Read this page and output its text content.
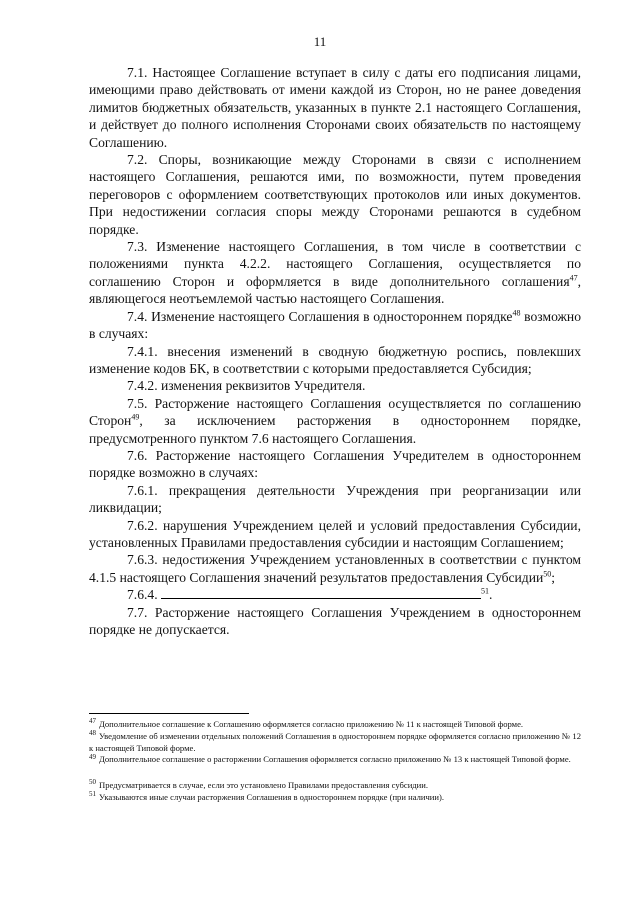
11

7.1. Настоящее Соглашение вступает в силу с даты его подписания лицами, имеющими право действовать от имени каждой из Сторон, но не ранее доведения лимитов бюджетных обязательств, указанных в пункте 2.1 настоящего Соглашения, и действует до полного исполнения Сторонами своих обязательств по настоящему Соглашению.

7.2. Споры, возникающие между Сторонами в связи с исполнением настоящего Соглашения, решаются ими, по возможности, путем проведения переговоров с оформлением соответствующих протоколов или иных документов. При недостижении согласия споры между Сторонами решаются в судебном порядке.

7.3. Изменение настоящего Соглашения, в том числе в соответствии с положениями пункта 4.2.2. настоящего Соглашения, осуществляется по соглашению Сторон и оформляется в виде дополнительного соглашения$^{47}$, являющегося неотъемлемой частью настоящего Соглашения.

7.4. Изменение настоящего Соглашения в одностороннем порядке$^{48}$ возможно в случаях:

7.4.1. внесения изменений в сводную бюджетную роспись, повлекших изменение кодов БК, в соответствии с которыми предоставляется Субсидия;

7.4.2. изменения реквизитов Учредителя.

7.5. Расторжение настоящего Соглашения осуществляется по соглашению Сторон$^{49}$, за исключением расторжения в одностороннем порядке, предусмотренного пунктом 7.6 настоящего Соглашения.

7.6. Расторжение настоящего Соглашения Учредителем в одностороннем порядке возможно в случаях:

7.6.1. прекращения деятельности Учреждения при реорганизации или ликвидации;

7.6.2. нарушения Учреждением целей и условий предоставления Субсидии, установленных Правилами предоставления субсидии и настоящим Соглашением;

7.6.3. недостижения Учреждением установленных в соответствии с пунктом 4.1.5 настоящего Соглашения значений результатов предоставления Субсидии$^{50}$;

7.6.4.	$^{51}$.

7.7. Расторжение настоящего Соглашения Учреждением в одностороннем порядке не допускается.

$^{47}$ Дополнительное соглашение к Соглашению оформляется согласно приложению № 11 к настоящей Типовой форме.

$^{48}$ Уведомление об изменении отдельных положений Соглашения в одностороннем порядке оформляется согласно приложению № 12 к настоящей Типовой форме.

$^{49}$ Дополнительное соглашение о расторжении Соглашения оформляется согласно приложению № 13 к настоящей Типовой форме.

$^{50}$ Предусматривается в случае, если это установлено Правилами предоставления субсидии.

$^{51}$ Указываются иные случаи расторжения Соглашения в одностороннем порядке (при наличии).
